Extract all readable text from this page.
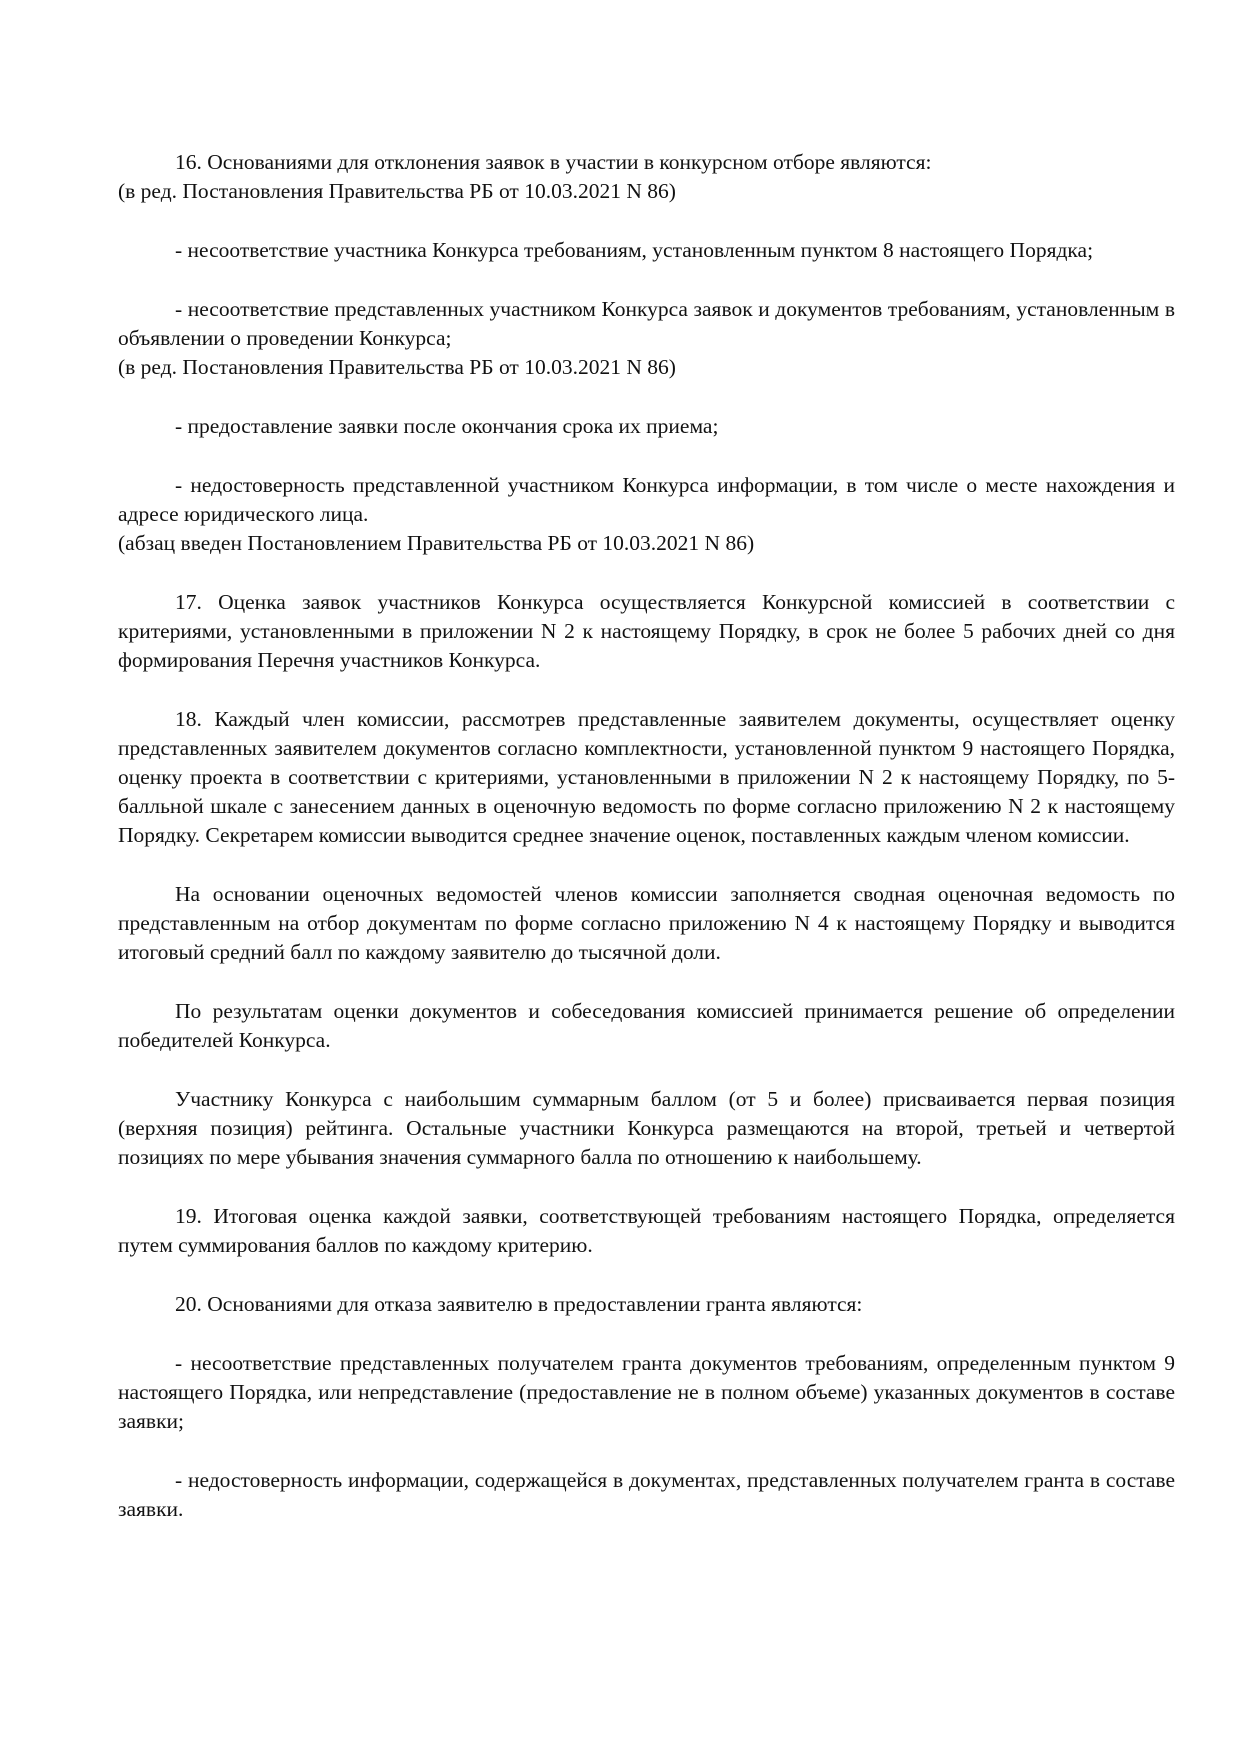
16. Основаниями для отклонения заявок в участии в конкурсном отборе являются:

(в ред. Постановления Правительства РБ от 10.03.2021 N 86)

- несоответствие участника Конкурса требованиям, установленным пунктом 8 настоящего Порядка;

- несоответствие представленных участником Конкурса заявок и документов требованиям, установленным в объявлении о проведении Конкурса;

(в ред. Постановления Правительства РБ от 10.03.2021 N 86)

- предоставление заявки после окончания срока их приема;

- недостоверность представленной участником Конкурса информации, в том числе о месте нахождения и адресе юридического лица.

(абзац введен Постановлением Правительства РБ от 10.03.2021 N 86)

17. Оценка заявок участников Конкурса осуществляется Конкурсной комиссией в соответствии с критериями, установленными в приложении N 2 к настоящему Порядку, в срок не более 5 рабочих дней со дня формирования Перечня участников Конкурса.

18. Каждый член комиссии, рассмотрев представленные заявителем документы, осуществляет оценку представленных заявителем документов согласно комплектности, установленной пунктом 9 настоящего Порядка, оценку проекта в соответствии с критериями, установленными в приложении N 2 к настоящему Порядку, по 5-балльной шкале с занесением данных в оценочную ведомость по форме согласно приложению N 2 к настоящему Порядку. Секретарем комиссии выводится среднее значение оценок, поставленных каждым членом комиссии.

На основании оценочных ведомостей членов комиссии заполняется сводная оценочная ведомость по представленным на отбор документам по форме согласно приложению N 4 к настоящему Порядку и выводится итоговый средний балл по каждому заявителю до тысячной доли.

По результатам оценки документов и собеседования комиссией принимается решение об определении победителей Конкурса.

Участнику Конкурса с наибольшим суммарным баллом (от 5 и более) присваивается первая позиция (верхняя позиция) рейтинга. Остальные участники Конкурса размещаются на второй, третьей и четвертой позициях по мере убывания значения суммарного балла по отношению к наибольшему.

19. Итоговая оценка каждой заявки, соответствующей требованиям настоящего Порядка, определяется путем суммирования баллов по каждому критерию.

20. Основаниями для отказа заявителю в предоставлении гранта являются:

- несоответствие представленных получателем гранта документов требованиям, определенным пунктом 9 настоящего Порядка, или непредставление (предоставление не в полном объеме) указанных документов в составе заявки;

- недостоверность информации, содержащейся в документах, представленных получателем гранта в составе заявки.
